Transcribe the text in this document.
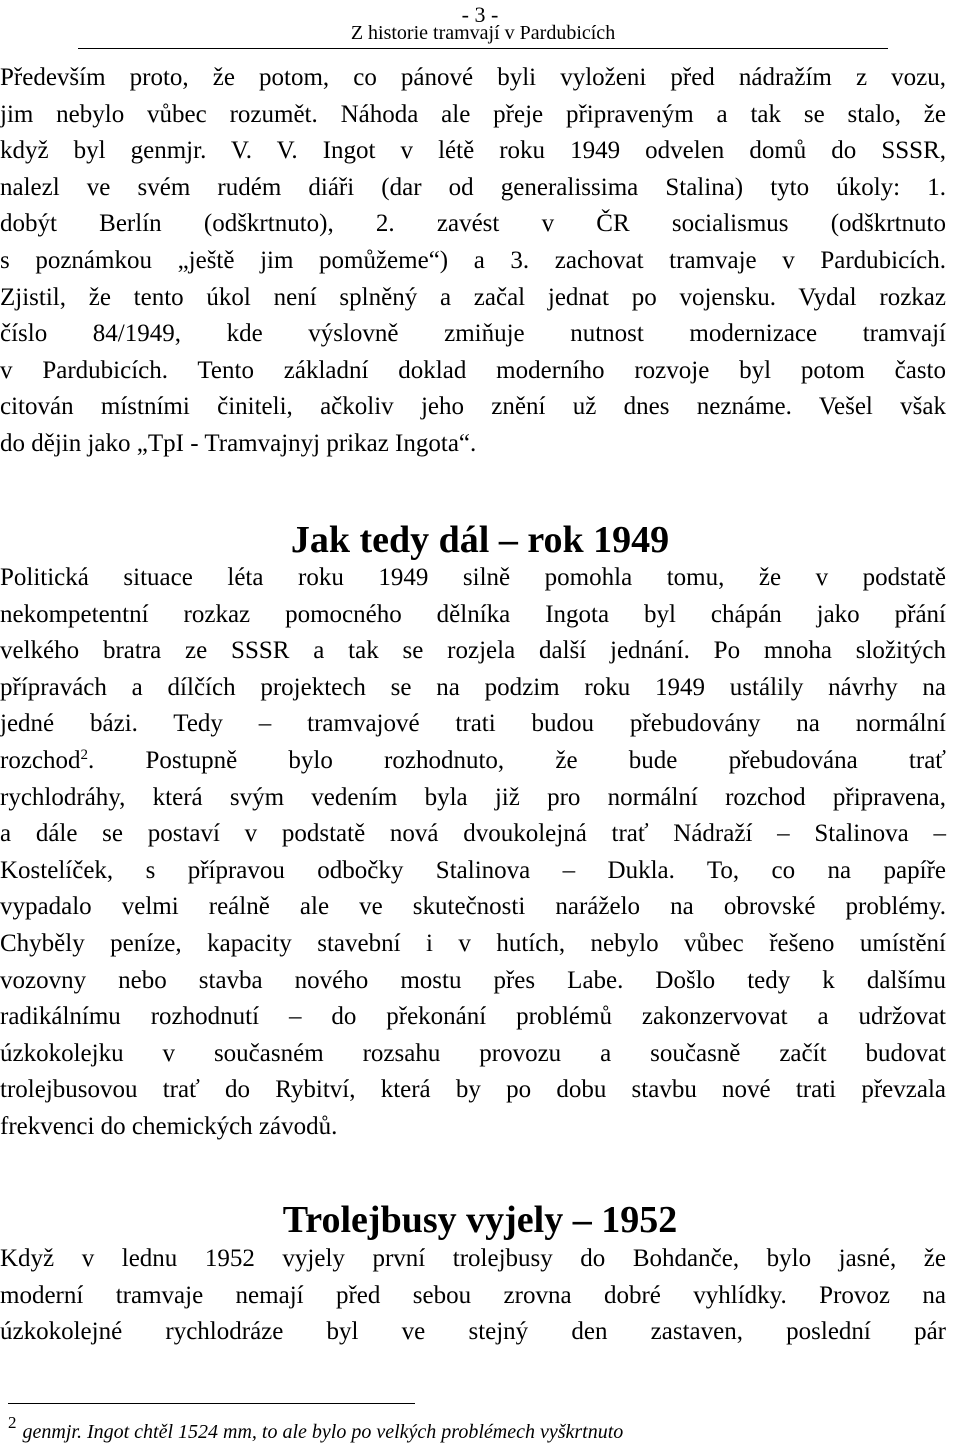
- 3 -
Z historie tramvají v Pardubicích
Především proto, že potom, co pánové byli vyloženi před nádražím z vozu,
jim nebylo vůbec rozumět. Náhoda ale přeje připraveným a tak se stalo, že
když byl genmjr. V. V. Ingot v létě roku 1949 odvelen domů do SSSR,
nalezl ve svém rudém diáři (dar od generalissima Stalina) tyto úkoly: 1.
dobýt Berlín (odškrtnuto), 2. zavést v ČR socialismus (odškrtnuto
s poznámkou „ještě jim pomůžeme“) a 3. zachovat tramvaje v Pardubicích.
Zjistil, že tento úkol není splněný a začal jednat po vojensku. Vydal rozkaz
číslo 84/1949, kde výslovně zmiňuje nutnost modernizace tramvají
v Pardubicích. Tento základní doklad moderního rozvoje byl potom často
citován místními činiteli, ačkoliv jeho znění už dnes neznáme. Vešel však
do dějin jako „TpI - Tramvajnyj prikaz Ingota“.
Jak tedy dál – rok 1949
Politická situace léta roku 1949 silně pomohla tomu, že v podstatě
nekompetentní rozkaz pomocného dělníka Ingota byl chápán jako přání
velkého bratra ze SSSR a tak se rozjela další jednání. Po mnoha složitých
přípravách a dílčích projektech se na podzim roku 1949 ustálily návrhy na
jedné bázi. Tedy – tramvajové trati budou přebudovány na normální
rozchod$^2$. Postupně bylo rozhodnuto, že bude přebudována trať
rychlodráhy, která svým vedením byla již pro normální rozchod připravena,
a dále se postaví v podstatě nová dvoukolejná trať Nádraží – Stalinova –
Kostelíček, s přípravou odbočky Stalinova – Dukla. To, co na papíře
vypadalo velmi reálně ale ve skutečnosti naráželo na obrovské problémy.
Chyběly peníze, kapacity stavební i v hutích, nebylo vůbec řešeno umístění
vozovny nebo stavba nového mostu přes Labe. Došlo tedy k dalšímu
radikálnímu rozhodnutí – do překonání problémů zakonzervovat a udržovat
úzkokolejku v současném rozsahu provozu a současně začít budovat
trolejbusovou trať do Rybitví, která by po dobu stavbu nové trati převzala
frekvenci do chemických závodů.
Trolejbusy vyjely – 1952
Když v lednu 1952 vyjely první trolejbusy do Bohdanče, bylo jasné, že
moderní tramvaje nemají před sebou zrovna dobré vyhlídky. Provoz na
úzkokolejné rychlodráze byl ve stejný den zastaven, poslední pár
$^2$ genmjr. Ingot chtěl 1524 mm, to ale bylo po velkých problémech vyškrtnuto
